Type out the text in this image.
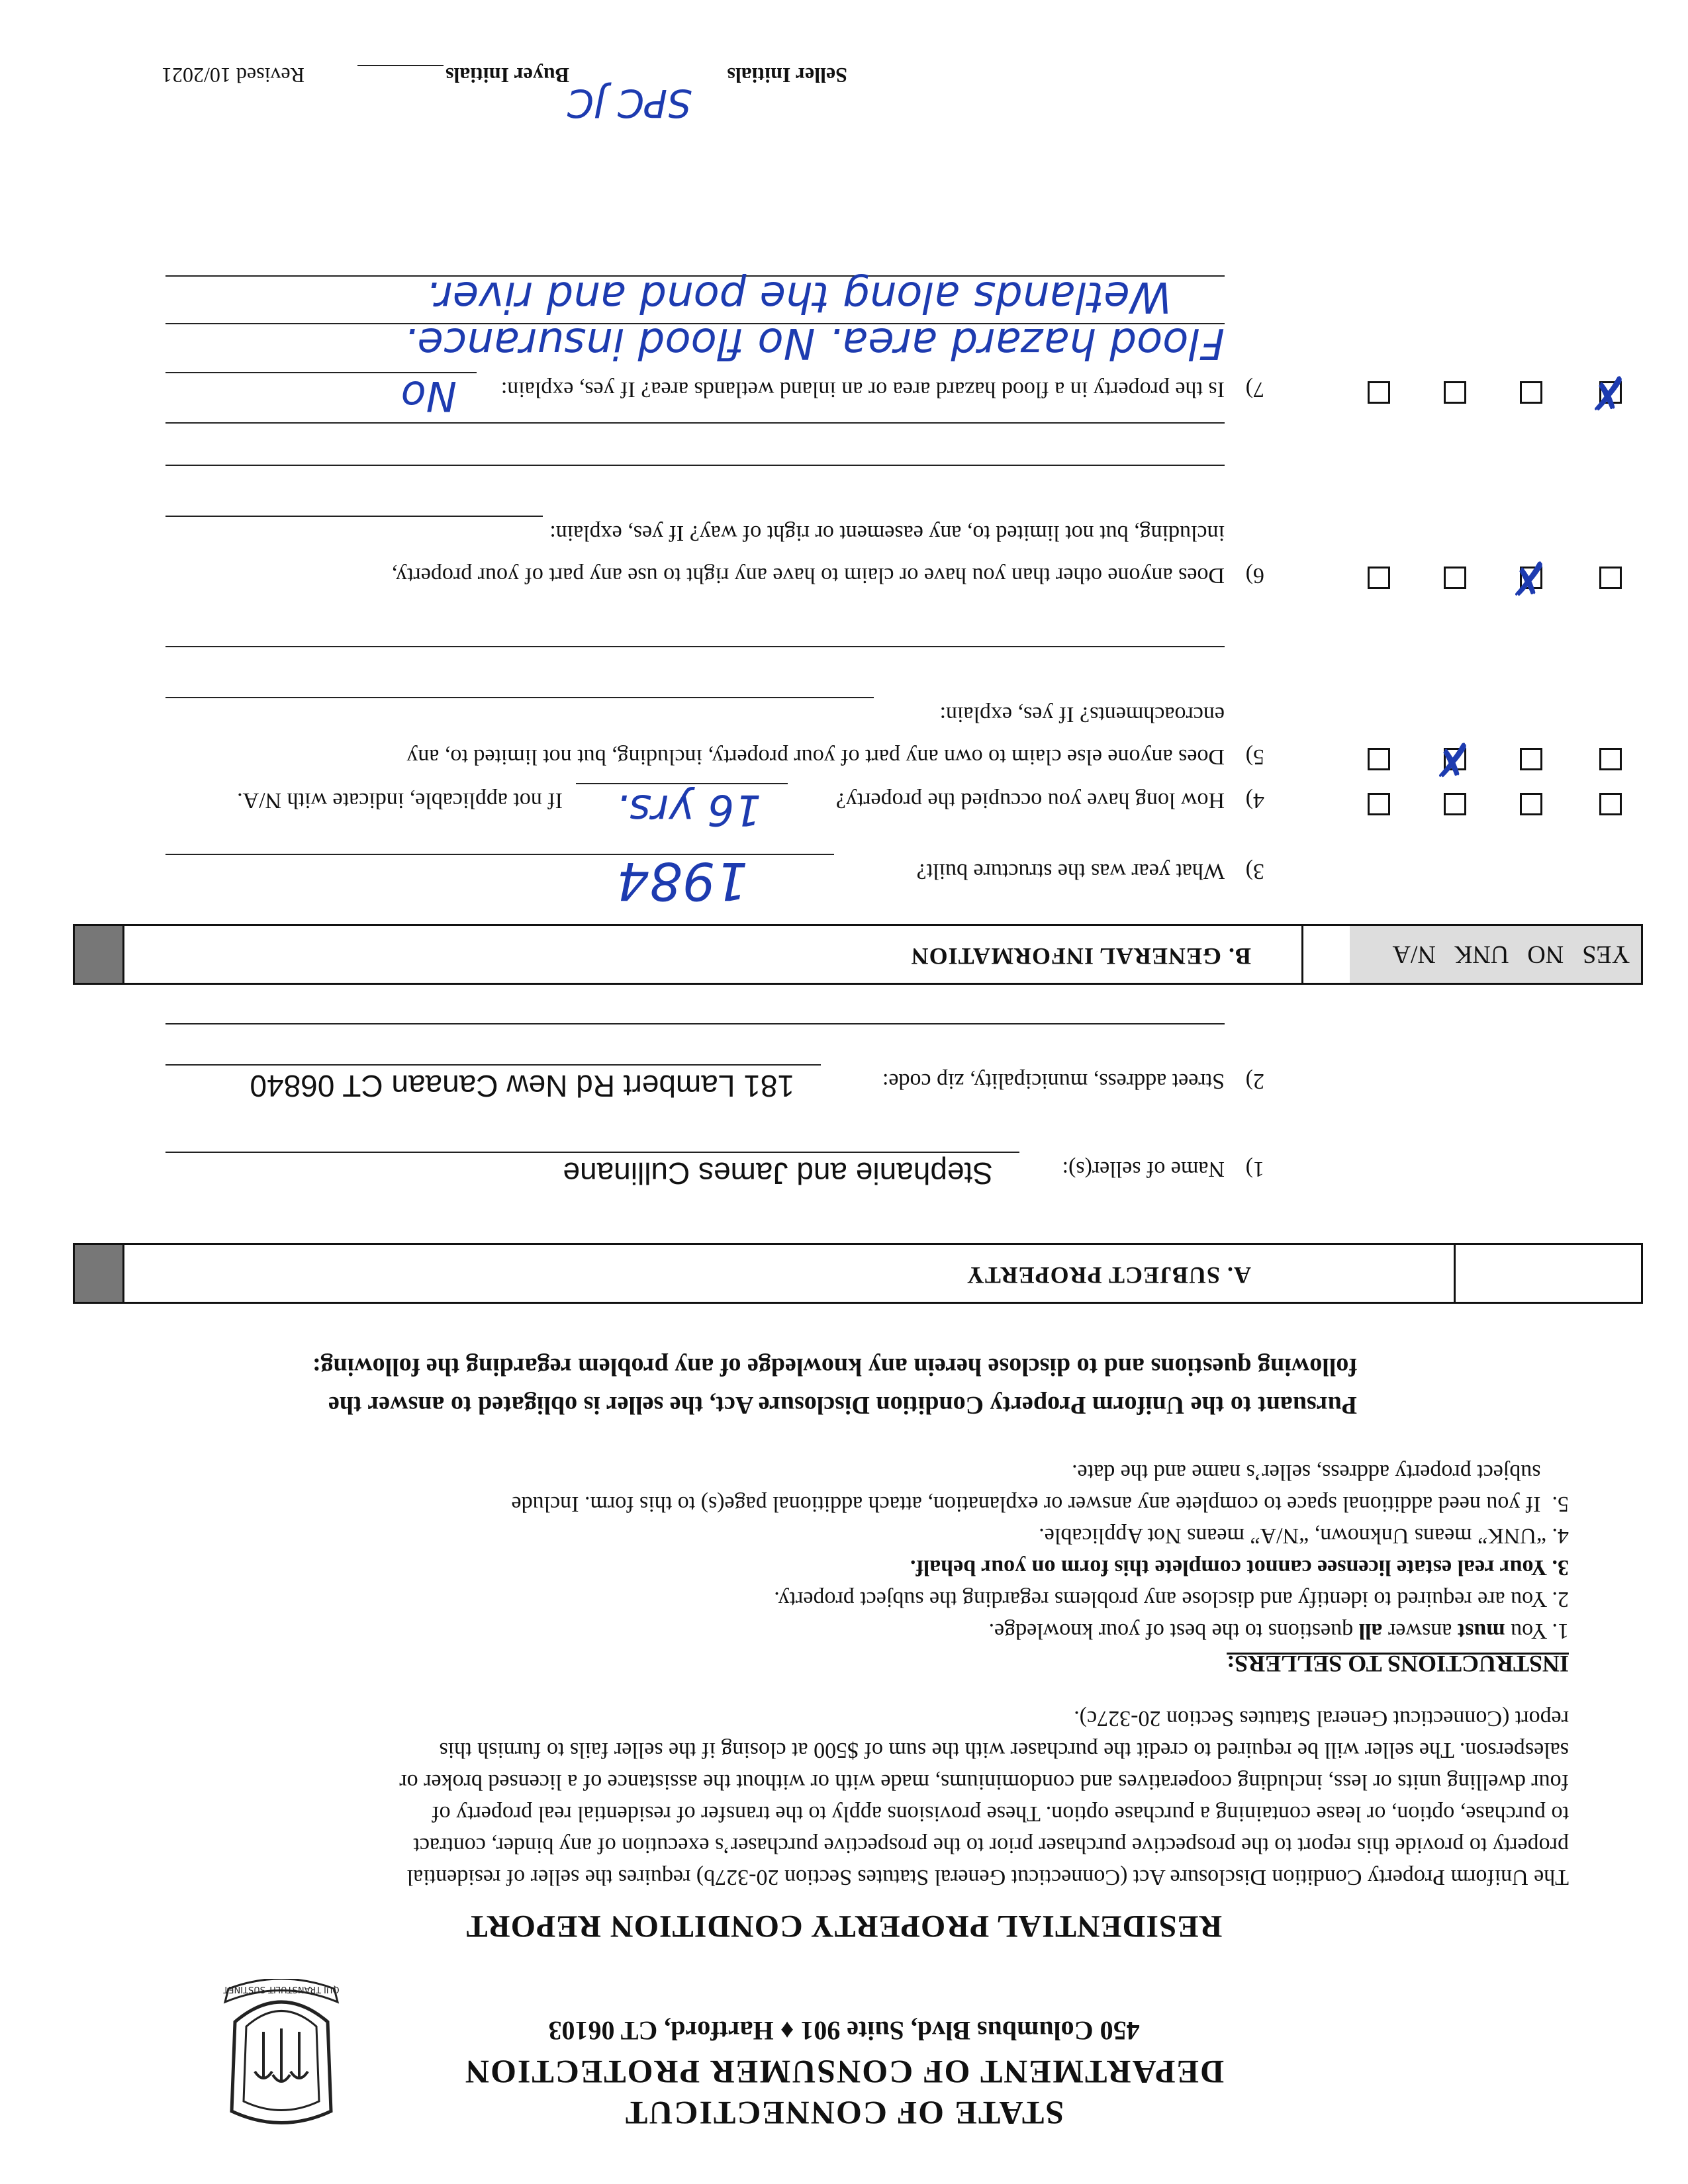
STATE OF CONNECTICUT
DEPARTMENT OF CONSUMER PROTECTION
450 Columbus Blvd, Suite 901 ♦ Hartford, CT 06103
QUI TRANSTULIT SUSTINET
RESIDENTIAL PROPERTY CONDITION REPORT
The Uniform Property Condition Disclosure Act (Connecticut General Statutes Section 20-327b) requires the seller of residential
property to provide this report to the prospective purchaser prior to the prospective purchaser’s execution of any binder, contract
to purchase, option, or lease containing a purchase option. These provisions apply to the transfer of residential real property of
four dwelling units or less, including cooperatives and condominiums, made with or without the assistance of a licensed broker or
salesperson. The seller will be required to credit the purchaser with the sum of $500 at closing if the seller fails to furnish this
report (Connecticut General Statutes Section 20-327c).
INSTRUCTIONS TO SELLERS:
1. You must answer all questions to the best of your knowledge.
2. You are required to identify and disclose any problems regarding the subject property.
3. Your real estate licensee cannot complete this form on your behalf.
4. “UNK” means Unknown, “N/A” means Not Applicable.
5.  If you need additional space to complete any answer or explanation, attach additional page(s) to this form. Include
subject property address, seller’s name and the date.
Pursuant to the Uniform Property Condition Disclosure Act, the seller is obligated to answer the
following questions and to disclose herein any knowledge of any problem regarding the following:
A. SUBJECT PROPERTY
1)
Name of seller(s):
Stephanie and James Cullinane
2)
Street address, municipality, zip code:
181 Lambert Rd New Canaan CT 06840
YES
NO
UNK
N/A
B. GENERAL INFORMATION
3)
What year was the structure built?
1984
4)
How long have you occupied the property?
16 yrs.
If not applicable, indicate with N/A.
✗
5)
Does anyone else claim to own any part of your property, including, but not limited to, any
encroachments? If yes, explain:
✗
6)
Does anyone other than you have or claim to have any right to use any part of your property,
including, but not limited to, any easement or right of way? If yes, explain:
✗
7)
Is the property in a flood hazard area or an inland wetlands area? If yes, explain:
No
Flood hazard area. No flood insurance.
Wetlands along the pond and river.
Seller Initials
SPC JC
Buyer Initials
Revised 10/2021
